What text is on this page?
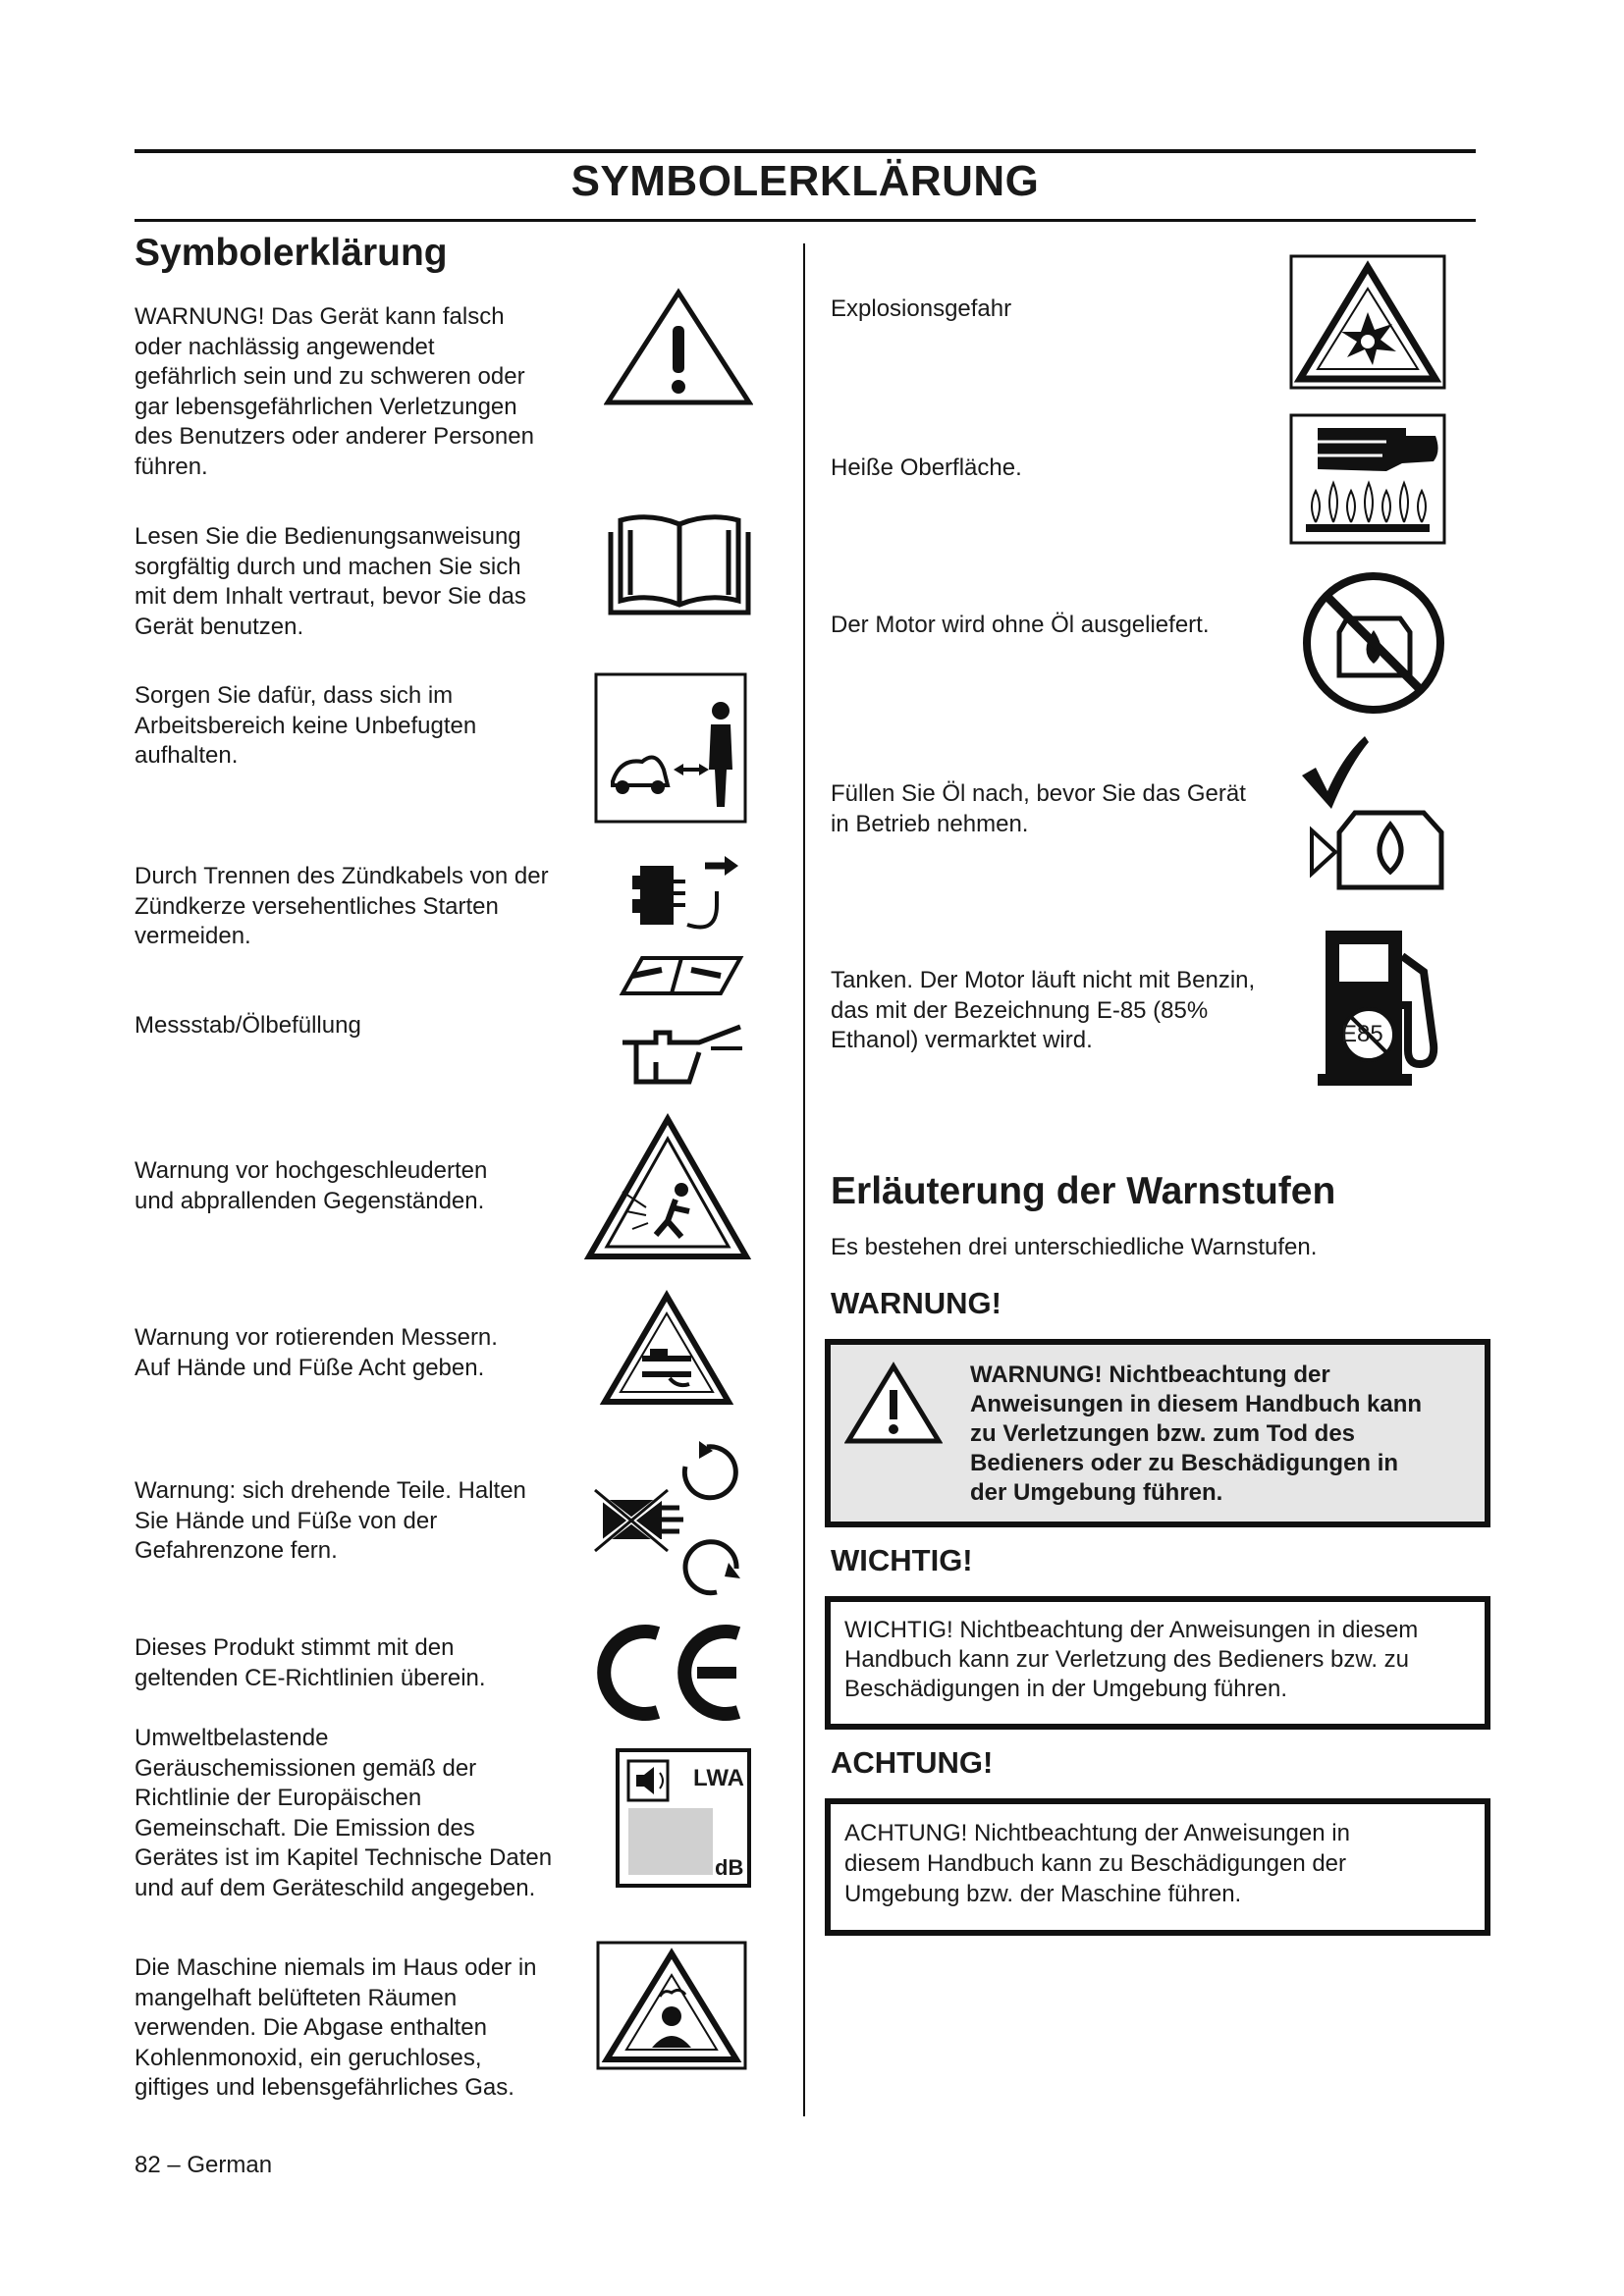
SYMBOLERKLÄRUNG
Symbolerklärung
WARNUNG! Das Gerät kann falsch
oder nachlässig angewendet
gefährlich sein und zu schweren oder
gar lebensgefährlichen Verletzungen
des Benutzers oder anderer Personen
führen.
Lesen Sie die Bedienungsanweisung
sorgfältig durch und machen Sie sich
mit dem Inhalt vertraut, bevor Sie das
Gerät benutzen.
Sorgen Sie dafür, dass sich im
Arbeitsbereich keine Unbefugten
aufhalten.
Durch Trennen des Zündkabels von der
Zündkerze versehentliches Starten
vermeiden.
Messstab/Ölbefüllung
Warnung vor hochgeschleuderten
und abprallenden Gegenständen.
Warnung vor rotierenden Messern.
Auf Hände und Füße Acht geben.
Warnung: sich drehende Teile. Halten
Sie Hände und Füße von der
Gefahrenzone fern.
Dieses Produkt stimmt mit den
geltenden CE-Richtlinien überein.
Umweltbelastende
Geräuschemissionen gemäß der
Richtlinie der Europäischen
Gemeinschaft. Die Emission des
Gerätes ist im Kapitel Technische Daten
und auf dem Geräteschild angegeben.
LWA
dB
Die Maschine niemals im Haus oder in
mangelhaft belüfteten Räumen
verwenden. Die Abgase enthalten
Kohlenmonoxid, ein geruchloses,
giftiges und lebensgefährliches Gas.
Explosionsgefahr
Heiße Oberfläche.
Der Motor wird ohne Öl ausgeliefert.
Füllen Sie Öl nach, bevor Sie das Gerät
in Betrieb nehmen.
Tanken. Der Motor läuft nicht mit Benzin,
das mit der Bezeichnung E-85 (85%
Ethanol) vermarktet wird.	E85
Erläuterung der Warnstufen
Es bestehen drei unterschiedliche Warnstufen.
WARNUNG!
WARNUNG! Nichtbeachtung der
Anweisungen in diesem Handbuch kann
zu Verletzungen bzw. zum Tod des
Bedieners oder zu Beschädigungen in
der Umgebung führen.
WICHTIG!
WICHTIG! Nichtbeachtung der Anweisungen in diesem
Handbuch kann zur Verletzung des Bedieners bzw. zu
Beschädigungen in der Umgebung führen.
ACHTUNG!
ACHTUNG! Nichtbeachtung der Anweisungen in
diesem Handbuch kann zu Beschädigungen der
Umgebung bzw. der Maschine führen.
82 – German
